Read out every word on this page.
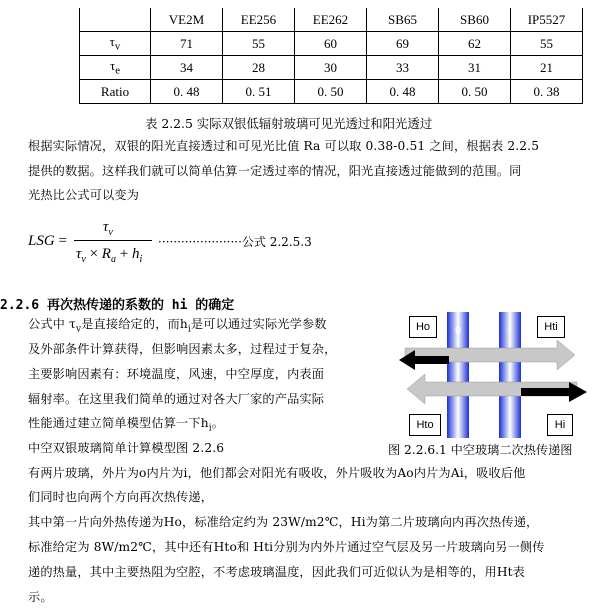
	VE2M	EE256	EE262	SB65	SB60	IP5527
$\tau_v$	71	55	60	69	62	55
$\tau_e$	34	28	30	33	31	21
Ratio	0. 48	0. 51	0. 50	0. 48	0. 50	0. 38
表 2.2.5 实际双银低辐射玻璃可见光透过和阳光透过
根据实际情况，双银的阳光直接透过和可见光比值 Ra 可以取 0.38-0.51 之间，根据表 2.2.5
提供的数据。这样我们就可以简单估算一定透过率的情况，阳光直接透过能做到的范围。同
光热比公式可以变为
LSG =
$\tau_v$
$\tau_v \times R_a + h_i$
······················公式 2.2.5.3
2.2.6 再次热传递的系数的 hi 的确定
公式中 $\tau_v$是直接给定的，而$h_i$是可以通过实际光学参数
及外部条件计算获得，但影响因素太多，过程过于复杂，
主要影响因素有：环境温度，风速，中空厚度，内表面
辐射率。在这里我们简单的通过对各大厂家的产品实际
性能通过建立简单模型估算一下$h_i$。
中空双银玻璃简单计算模型图 2.2.6
Ho	Hti
Hto	Hi
o	i
图 2.2.6.1 中空玻璃二次热传递图
有两片玻璃，外片为o内片为i，他们都会对阳光有吸收，外片吸收为Ao内片为Ai，吸收后他
们同时也向两个方向再次热传递，
其中第一片向外热传递为Ho，标准给定约为 23W/m2℃，Hi为第二片玻璃向内再次热传递，
标准给定为 8W/m2℃，其中还有Hto和 Hti分别为内外片通过空气层及另一片玻璃向另一侧传
递的热量，其中主要热阻为空腔，不考虑玻璃温度，因此我们可近似认为是相等的，用Ht表
示。
